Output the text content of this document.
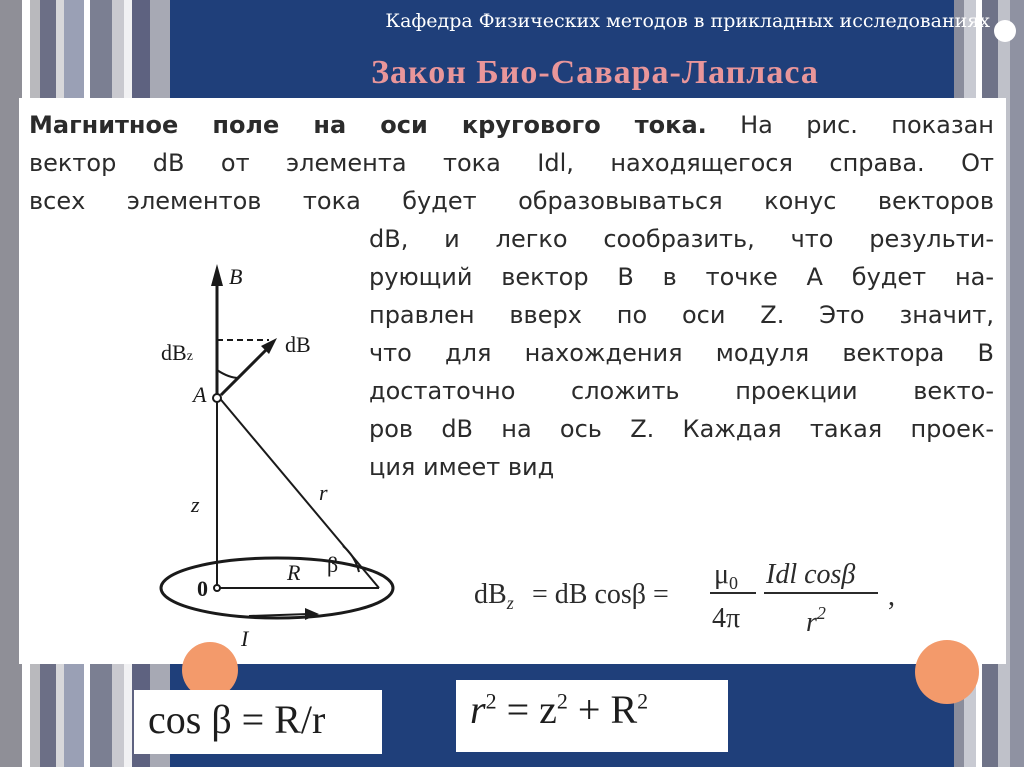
Кафедра Физических методов в прикладных исследованиях
Закон Био-Савара-Лапласа
Магнитное поле на оси кругового тока. На рис. показан
вектор dB от элемента тока Idl, находящегося справа. От
всех элементов тока будет образовываться конус векторов
dB, и легко сообразить, что результи-
рующий вектор B в точке A будет на-
правлен вверх по оси Z. Это значит,
что для нахождения модуля вектора B
достаточно сложить проекции векто-
ров dB на ось Z. Каждая такая проек-
ция имеет вид
B
dBz	dB
A
r
z
β
0
R
I
$dB_z$ = dB cosβ =
$\mu_0$
4π
Idl cosβ
$r^2$
,
cos β = R/r	$r^2 = z^2 + R^2$
